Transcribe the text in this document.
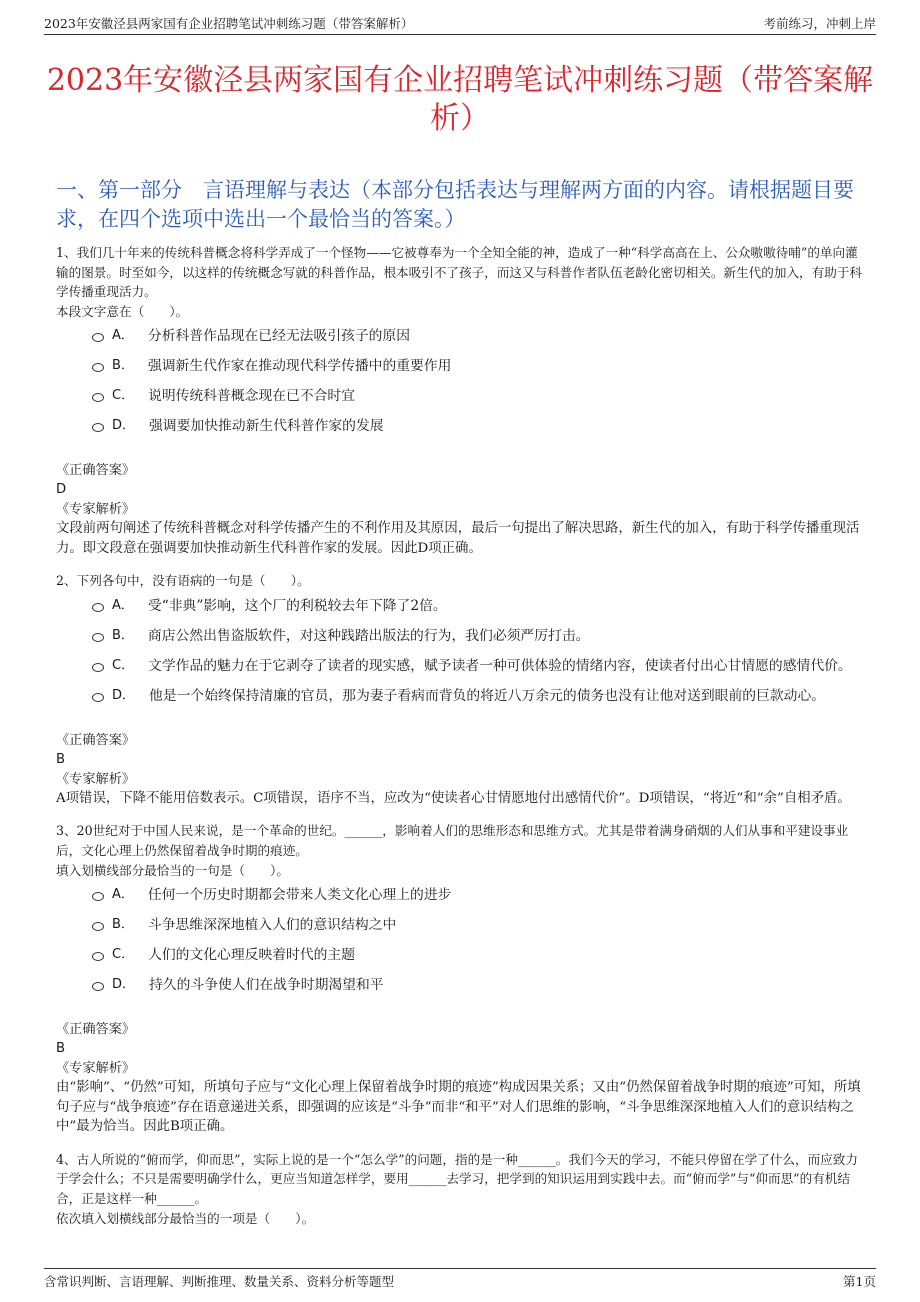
2023年安徽泾县两家国有企业招聘笔试冲刺练习题（带答案解析）	考前练习，冲刺上岸
2023年安徽泾县两家国有企业招聘笔试冲刺练习题（带答案解析）
一、第一部分　言语理解与表达（本部分包括表达与理解两方面的内容。请根据题目要求，在四个选项中选出一个最恰当的答案。）

1、我们几十年来的传统科普概念将科学弄成了一个怪物——它被尊奉为一个全知全能的神，造成了一种“科学高高在上、公众嗷嗷待哺”的单向灌输的图景。时至如今，以这样的传统概念写就的科普作品，根本吸引不了孩子，而这又与科普作者队伍老龄化密切相关。新生代的加入，有助于科学传播重现活力。

本段文字意在（　　）。

A． 分析科普作品现在已经无法吸引孩子的原因
B． 强调新生代作家在推动现代科学传播中的重要作用
C． 说明传统科普概念现在已不合时宜
D． 强调要加快推动新生代科普作家的发展
《正确答案》
D
《专家解析》
文段前两句阐述了传统科普概念对科学传播产生的不利作用及其原因，最后一句提出了解决思路，新生代的加入，有助于科学传播重现活力。即文段意在强调要加快推动新生代科普作家的发展。因此D项正确。

2、下列各句中，没有语病的一句是（　　）。

A． 受“非典”影响，这个厂的利税较去年下降了2倍。
B． 商店公然出售盗版软件，对这种践踏出版法的行为，我们必须严厉打击。
C． 文学作品的魅力在于它剥夺了读者的现实感，赋予读者一种可供体验的情绪内容，使读者付出心甘情愿的感情代价。
D． 他是一个始终保持清廉的官员，那为妻子看病而背负的将近八万余元的债务也没有让他对送到眼前的巨款动心。
《正确答案》
B
《专家解析》
A项错误，下降不能用倍数表示。C项错误，语序不当，应改为“使读者心甘情愿地付出感情代价”。D项错误，“将近”和“余”自相矛盾。

3、20世纪对于中国人民来说，是一个革命的世纪。______，影响着人们的思维形态和思维方式。尤其是带着满身硝烟的人们从事和平建设事业后，文化心理上仍然保留着战争时期的痕迹。

填入划横线部分最恰当的一句是（　　）。

A． 任何一个历史时期都会带来人类文化心理上的进步
B． 斗争思维深深地植入人们的意识结构之中
C． 人们的文化心理反映着时代的主题
D． 持久的斗争使人们在战争时期渴望和平
《正确答案》
B
《专家解析》
由“影响”、“仍然”可知，所填句子应与“文化心理上保留着战争时期的痕迹”构成因果关系；又由“仍然保留着战争时期的痕迹”可知，所填句子应与“战争痕迹”存在语意递进关系，即强调的应该是“斗争”而非“和平”对人们思维的影响，“斗争思维深深地植入人们的意识结构之中”最为恰当。因此B项正确。

4、古人所说的“俯而学，仰而思”，实际上说的是一个“怎么学”的问题，指的是一种______。我们今天的学习，不能只停留在学了什么，而应致力于学会什么；不只是需要明确学什么，更应当知道怎样学，要用______去学习，把学到的知识运用到实践中去。而“俯而学”与“仰而思”的有机结合，正是这样一种______。

依次填入划横线部分最恰当的一项是（　　）。

含常识判断、言语理解、判断推理、数量关系、资料分析等题型	第1页
